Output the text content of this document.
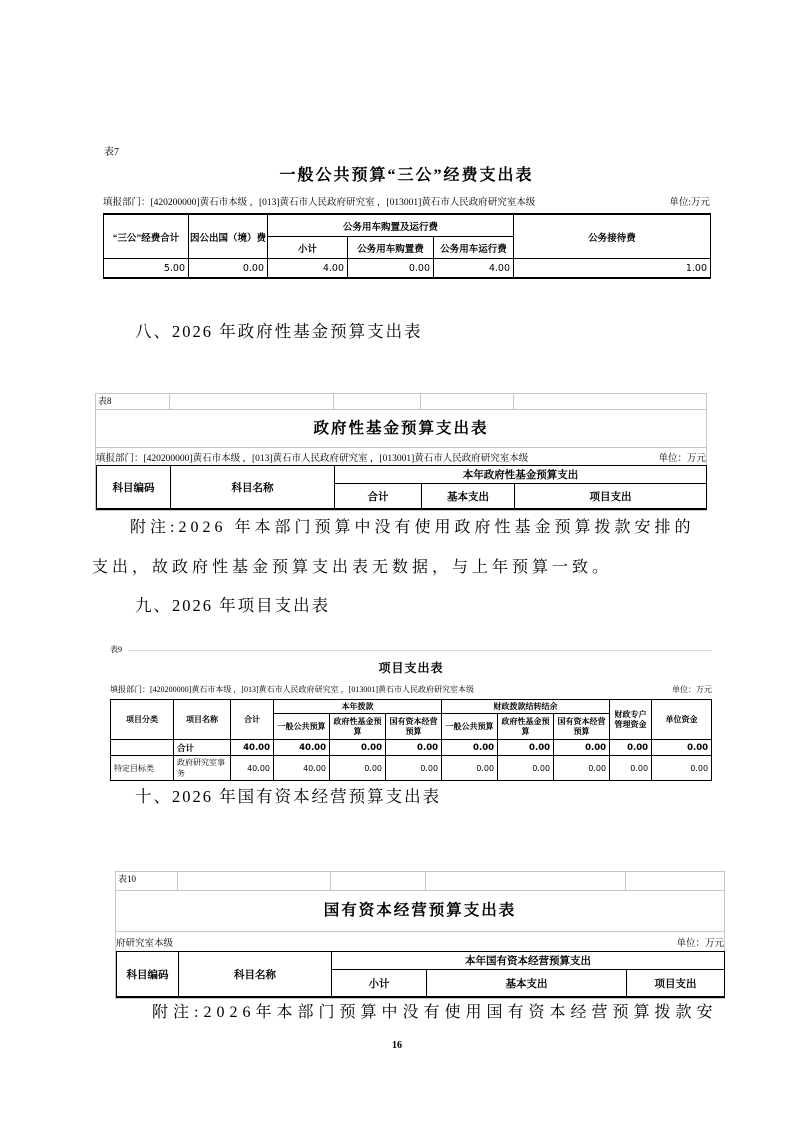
表7
一般公共预算“三公”经费支出表
填报部门：[420200000]黄石市本级 ，[013]黄石市人民政府研究室 ，[013001]黄石市人民政府研究室本级	单位:万元
“三公”经费合计	因公出国（境）费	公务用车购置及运行费			公务接待费
		小计	公务用车购置费	公务用车运行费	
5.00	0.00	4.00	0.00	4.00	1.00
八、2026 年政府性基金预算支出表
表8
政府性基金预算支出表
填报部门：[420200000]黄石市本级 ，[013]黄石市人民政府研究室 ，[013001]黄石市人民政府研究室本级	单位：万元
科目编码	科目名称	本年政府性基金预算支出		
		合计	基本支出	项目支出
附注:2026 年本部门预算中没有使用政府性基金预算拨款安排的
支出，故政府性基金预算支出表无数据，与上年预算一致。
九、2026 年项目支出表
表9
项目支出表
填报部门：[420200000]黄石市本级 ，[013]黄石市人民政府研究室 ，[013001]黄石市人民政府研究室本级	单位：万元
项目分类	项目名称	合计	本年拨款			财政拨款结转结余			财政专户管理资金	单位资金
			一般公共预算	政府性基金预算	国有资本经营预算	一般公共预算	政府性基金预算	国有资本经营预算		
	合计	40.00	40.00	0.00	0.00	0.00	0.00	0.00	0.00	0.00
特定目标类	政府研究室事务	40.00	40.00	0.00	0.00	0.00	0.00	0.00	0.00	0.00
十、2026 年国有资本经营预算支出表
表10
国有资本经营预算支出表
府研究室本级	单位：万元
科目编码	科目名称	本年国有资本经营预算支出		
		小计	基本支出	项目支出
附注:2026年本部门预算中没有使用国有资本经营预算拨款安
16
